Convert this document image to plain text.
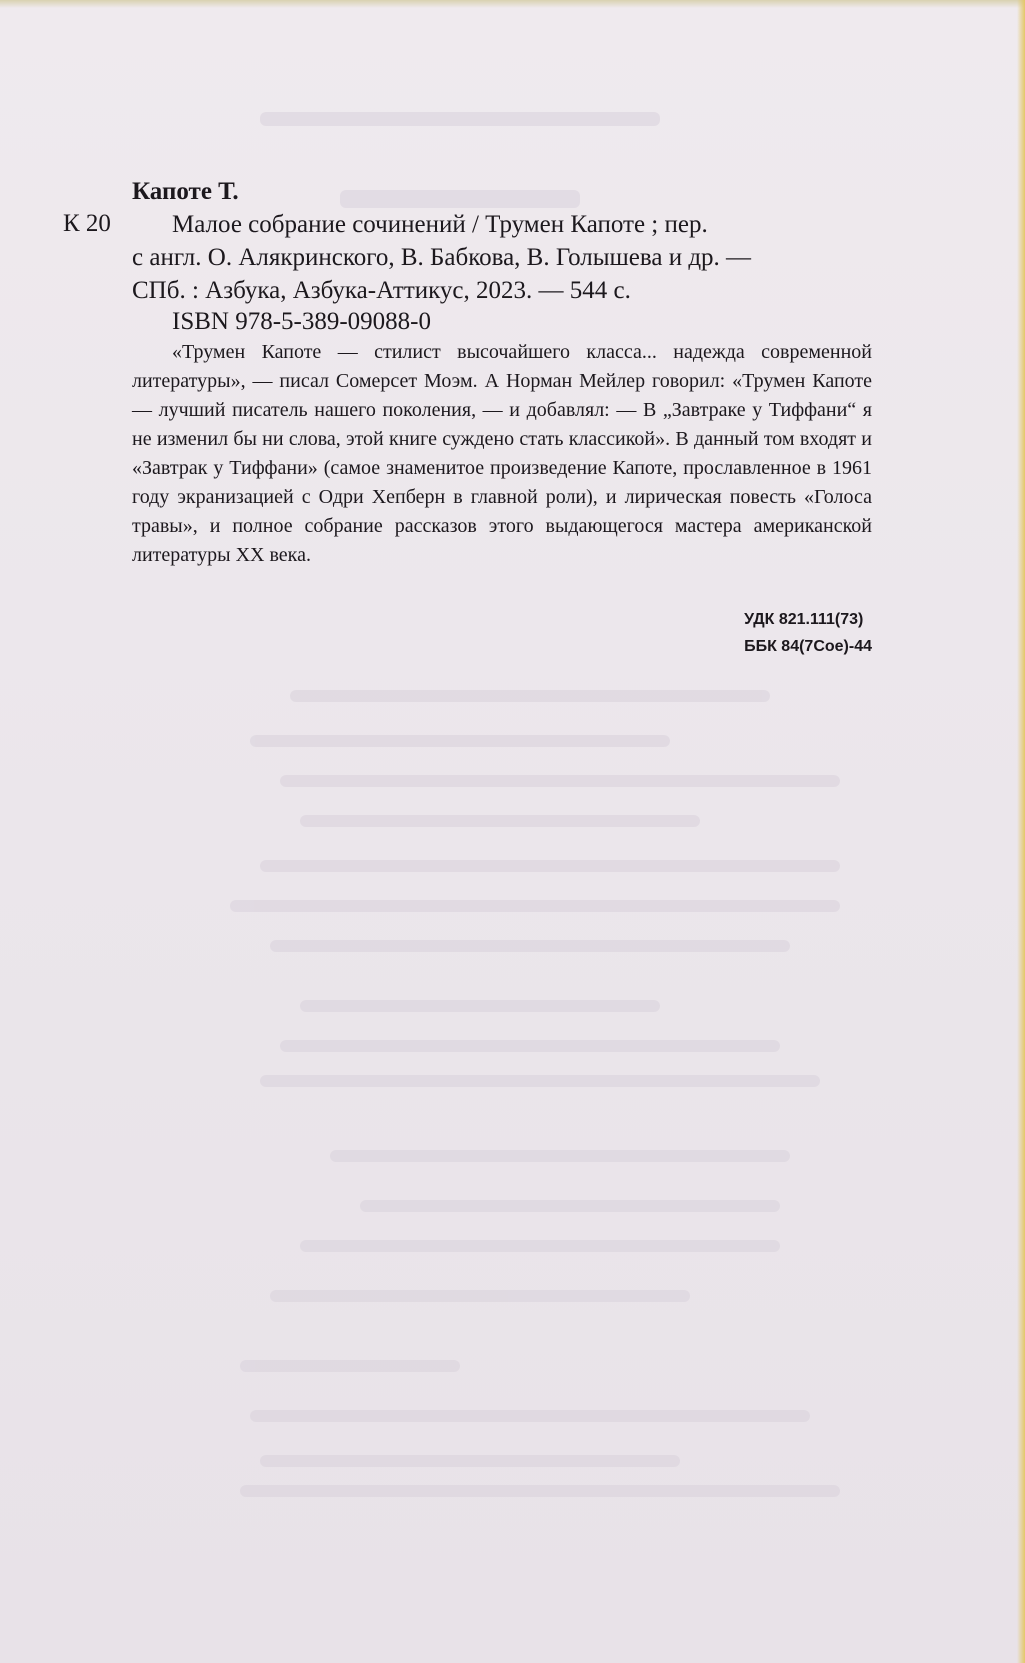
Капоте Т.
К 20	Малое собрание сочинений / Трумен Капоте ; пер.
с англ. О. Алякринского, В. Бабкова, В. Голышева и др. —
СПб. : Азбука, Азбука-Аттикус, 2023. — 544 с.
ISBN 978-5-389-09088-0
«Трумен Капоте — стилист высочайшего класса... надежда современной литературы», — писал Сомерсет Моэм. А Норман Мейлер говорил: «Трумен Капоте — лучший писатель нашего поколения, — и добавлял: — В „Завтраке у Тиффани“ я не изменил бы ни слова, этой книге суждено стать классикой». В данный том входят и «Завтрак у Тиффани» (самое знаменитое произведение Капоте, прославленное в 1961 году экранизацией с Одри Хепберн в главной роли), и лирическая повесть «Голоса травы», и полное собрание рассказов этого выдающегося мастера американской литературы XX века.
УДК 821.111(73)
ББК 84(7Сое)-44
